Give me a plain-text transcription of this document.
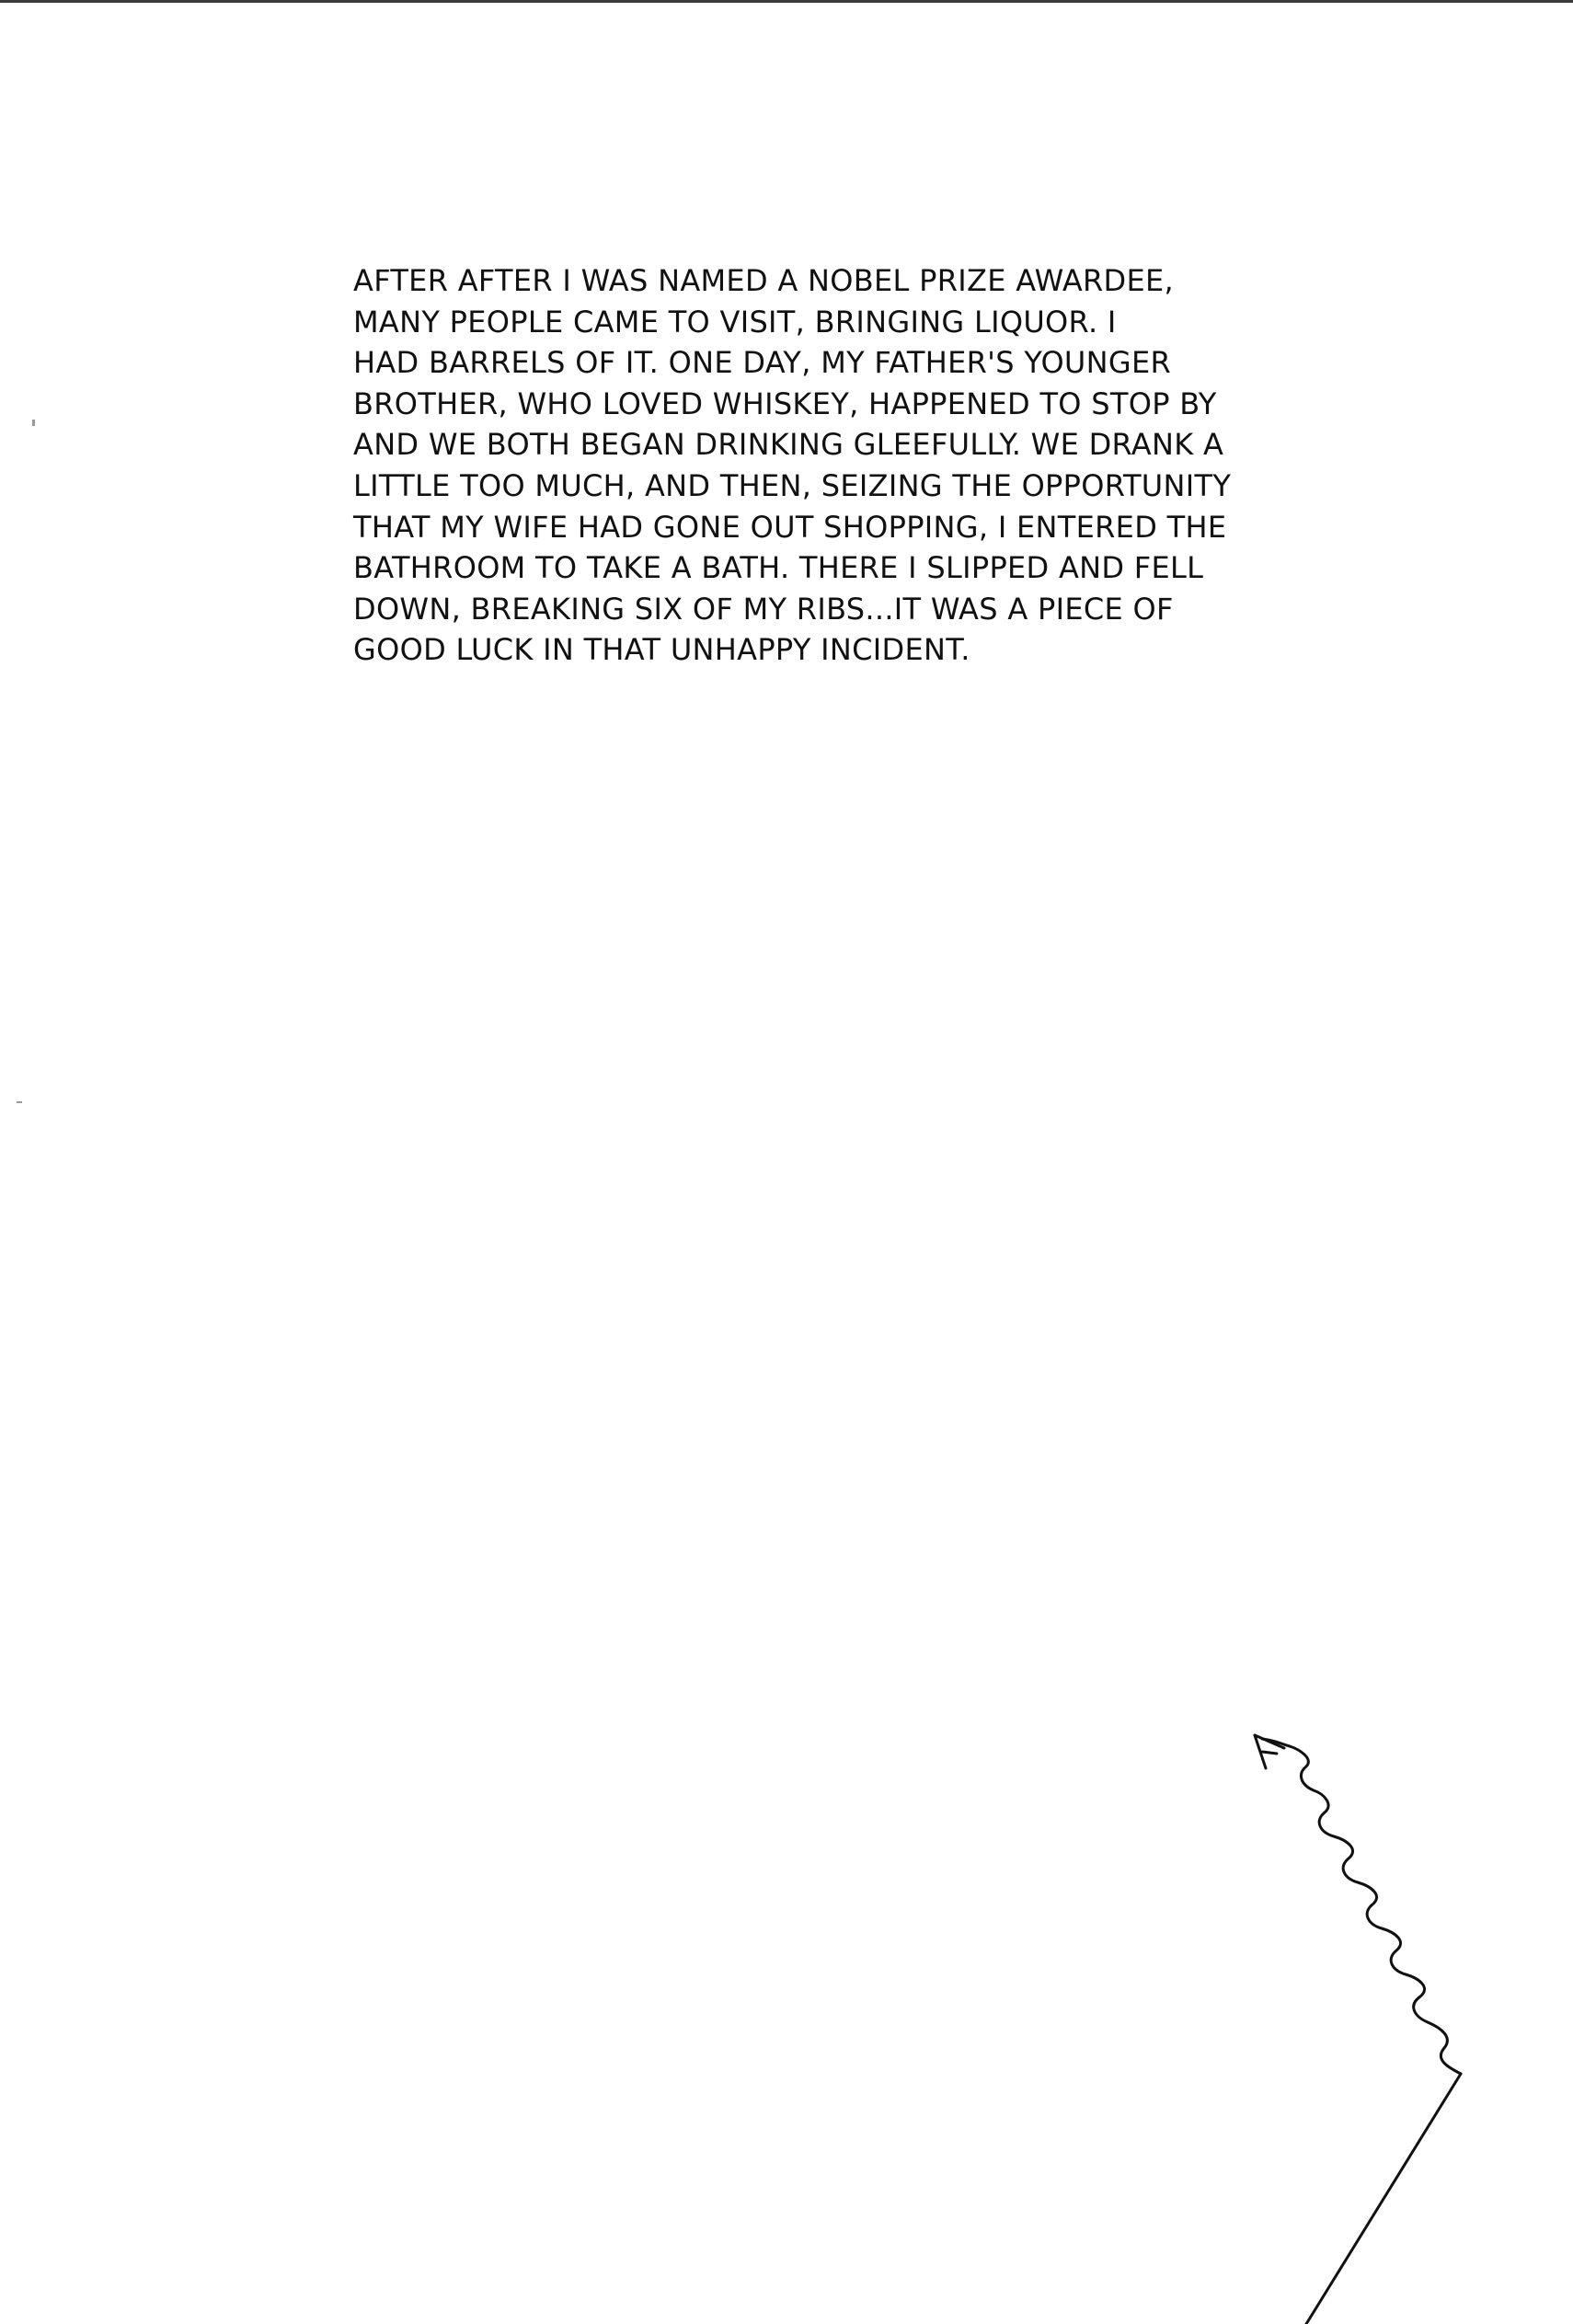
AFTER AFTER I WAS NAMED A NOBEL PRIZE AWARDEE,
MANY PEOPLE CAME TO VISIT, BRINGING LIQUOR. I
HAD BARRELS OF IT. ONE DAY, MY FATHER'S YOUNGER
BROTHER, WHO LOVED WHISKEY, HAPPENED TO STOP BY
AND WE BOTH BEGAN DRINKING GLEEFULLY. WE DRANK A
LITTLE TOO MUCH, AND THEN, SEIZING THE OPPORTUNITY
THAT MY WIFE HAD GONE OUT SHOPPING, I ENTERED THE
BATHROOM TO TAKE A BATH. THERE I SLIPPED AND FELL
DOWN, BREAKING SIX OF MY RIBS...IT WAS A PIECE OF
GOOD LUCK IN THAT UNHAPPY INCIDENT.
